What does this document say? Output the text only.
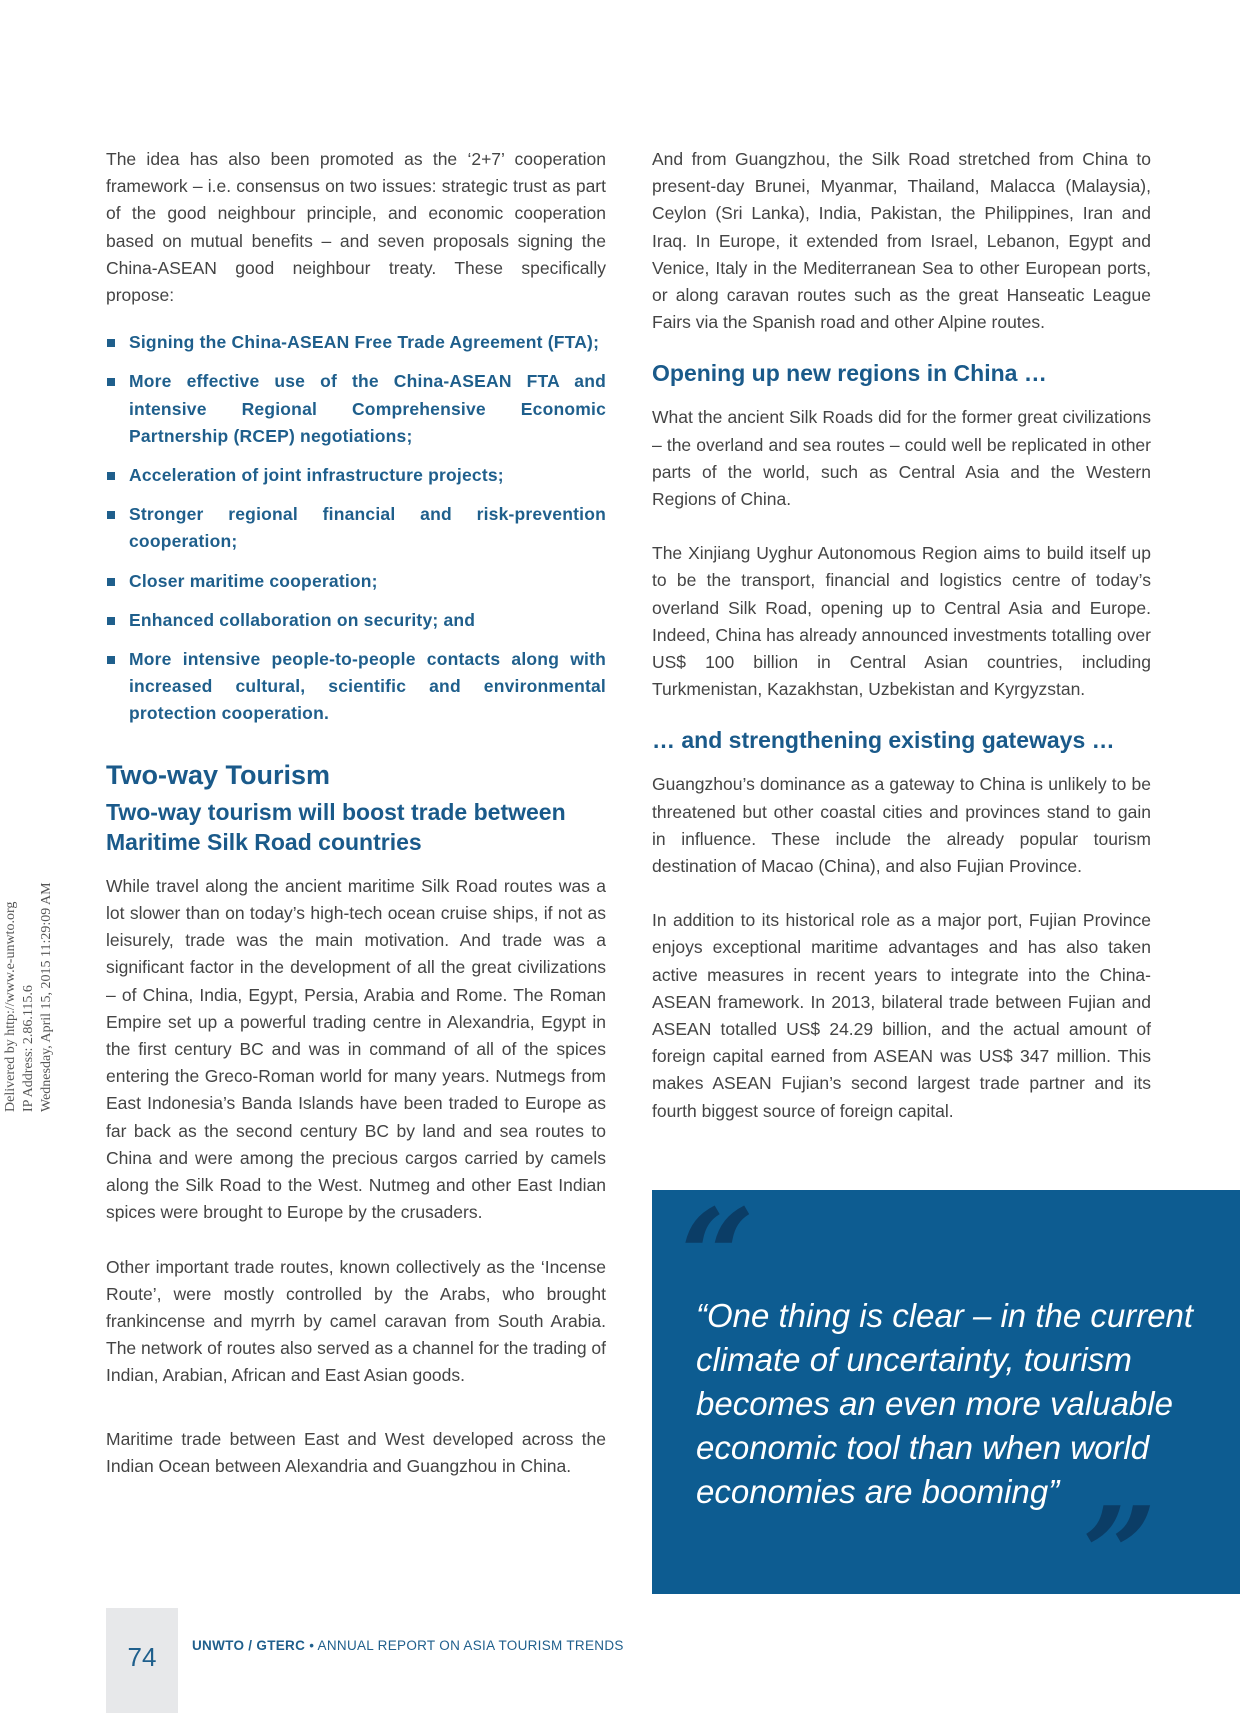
Delivered by http://www.e-unwto.org IP Address: 2.86.115.6 Wednesday, April 15, 2015 11:29:09 AM

The idea has also been promoted as the ‘2+7’ cooperation framework – i.e. consensus on two issues: strategic trust as part of the good neighbour principle, and economic cooperation based on mutual benefits – and seven proposals signing the China-ASEAN good neighbour treaty. These specifically propose:

Signing the China-ASEAN Free Trade Agreement (FTA);
More effective use of the China-ASEAN FTA and intensive Regional Comprehensive Economic Partnership (RCEP) negotiations;
Acceleration of joint infrastructure projects;
Stronger regional financial and risk-prevention cooperation;
Closer maritime cooperation;
Enhanced collaboration on security; and
More intensive people-to-people contacts along with increased cultural, scientific and environmental protection cooperation.
Two-way Tourism
Two-way tourism will boost trade between Maritime Silk Road countries

While travel along the ancient maritime Silk Road routes was a lot slower than on today’s high-tech ocean cruise ships, if not as leisurely, trade was the main motivation. And trade was a significant factor in the development of all the great civilizations – of China, India, Egypt, Persia, Arabia and Rome. The Roman Empire set up a powerful trading centre in Alexandria, Egypt in the first century BC and was in command of all of the spices entering the Greco-Roman world for many years. Nutmegs from East Indonesia’s Banda Islands have been traded to Europe as far back as the second century BC by land and sea routes to China and were among the precious cargos carried by camels along the Silk Road to the West. Nutmeg and other East Indian spices were brought to Europe by the crusaders.

Other important trade routes, known collectively as the ‘Incense Route’, were mostly controlled by the Arabs, who brought frankincense and myrrh by camel caravan from South Arabia. The network of routes also served as a channel for the trading of Indian, Arabian, African and East Asian goods.

Maritime trade between East and West developed across the Indian Ocean between Alexandria and Guangzhou in China.

And from Guangzhou, the Silk Road stretched from China to present-day Brunei, Myanmar, Thailand, Malacca (Malaysia), Ceylon (Sri Lanka), India, Pakistan, the Philippines, Iran and Iraq. In Europe, it extended from Israel, Lebanon, Egypt and Venice, Italy in the Mediterranean Sea to other European ports, or along caravan routes such as the great Hanseatic League Fairs via the Spanish road and other Alpine routes.

Opening up new regions in China …

What the ancient Silk Roads did for the former great civilizations – the overland and sea routes – could well be replicated in other parts of the world, such as Central Asia and the Western Regions of China.

The Xinjiang Uyghur Autonomous Region aims to build itself up to be the transport, financial and logistics centre of today’s overland Silk Road, opening up to Central Asia and Europe. Indeed, China has already announced investments totalling over US$ 100 billion in Central Asian countries, including Turkmenistan, Kazakhstan, Uzbekistan and Kyrgyzstan.

… and strengthening existing gateways …

Guangzhou’s dominance as a gateway to China is unlikely to be threatened but other coastal cities and provinces stand to gain in influence. These include the already popular tourism destination of Macao (China), and also Fujian Province.

In addition to its historical role as a major port, Fujian Province enjoys exceptional maritime advantages and has also taken active measures in recent years to integrate into the China-ASEAN framework. In 2013, bilateral trade between Fujian and ASEAN totalled US$ 24.29 billion, and the actual amount of foreign capital earned from ASEAN was US$ 347 million. This makes ASEAN Fujian’s second largest trade partner and its fourth biggest source of foreign capital.

“
“One thing is clear – in the current climate of uncertainty, tourism becomes an even more valuable economic tool than when world economies are booming” ”
74	UNWTO / GTERC • ANNUAL REPORT ON ASIA TOURISM TRENDS
